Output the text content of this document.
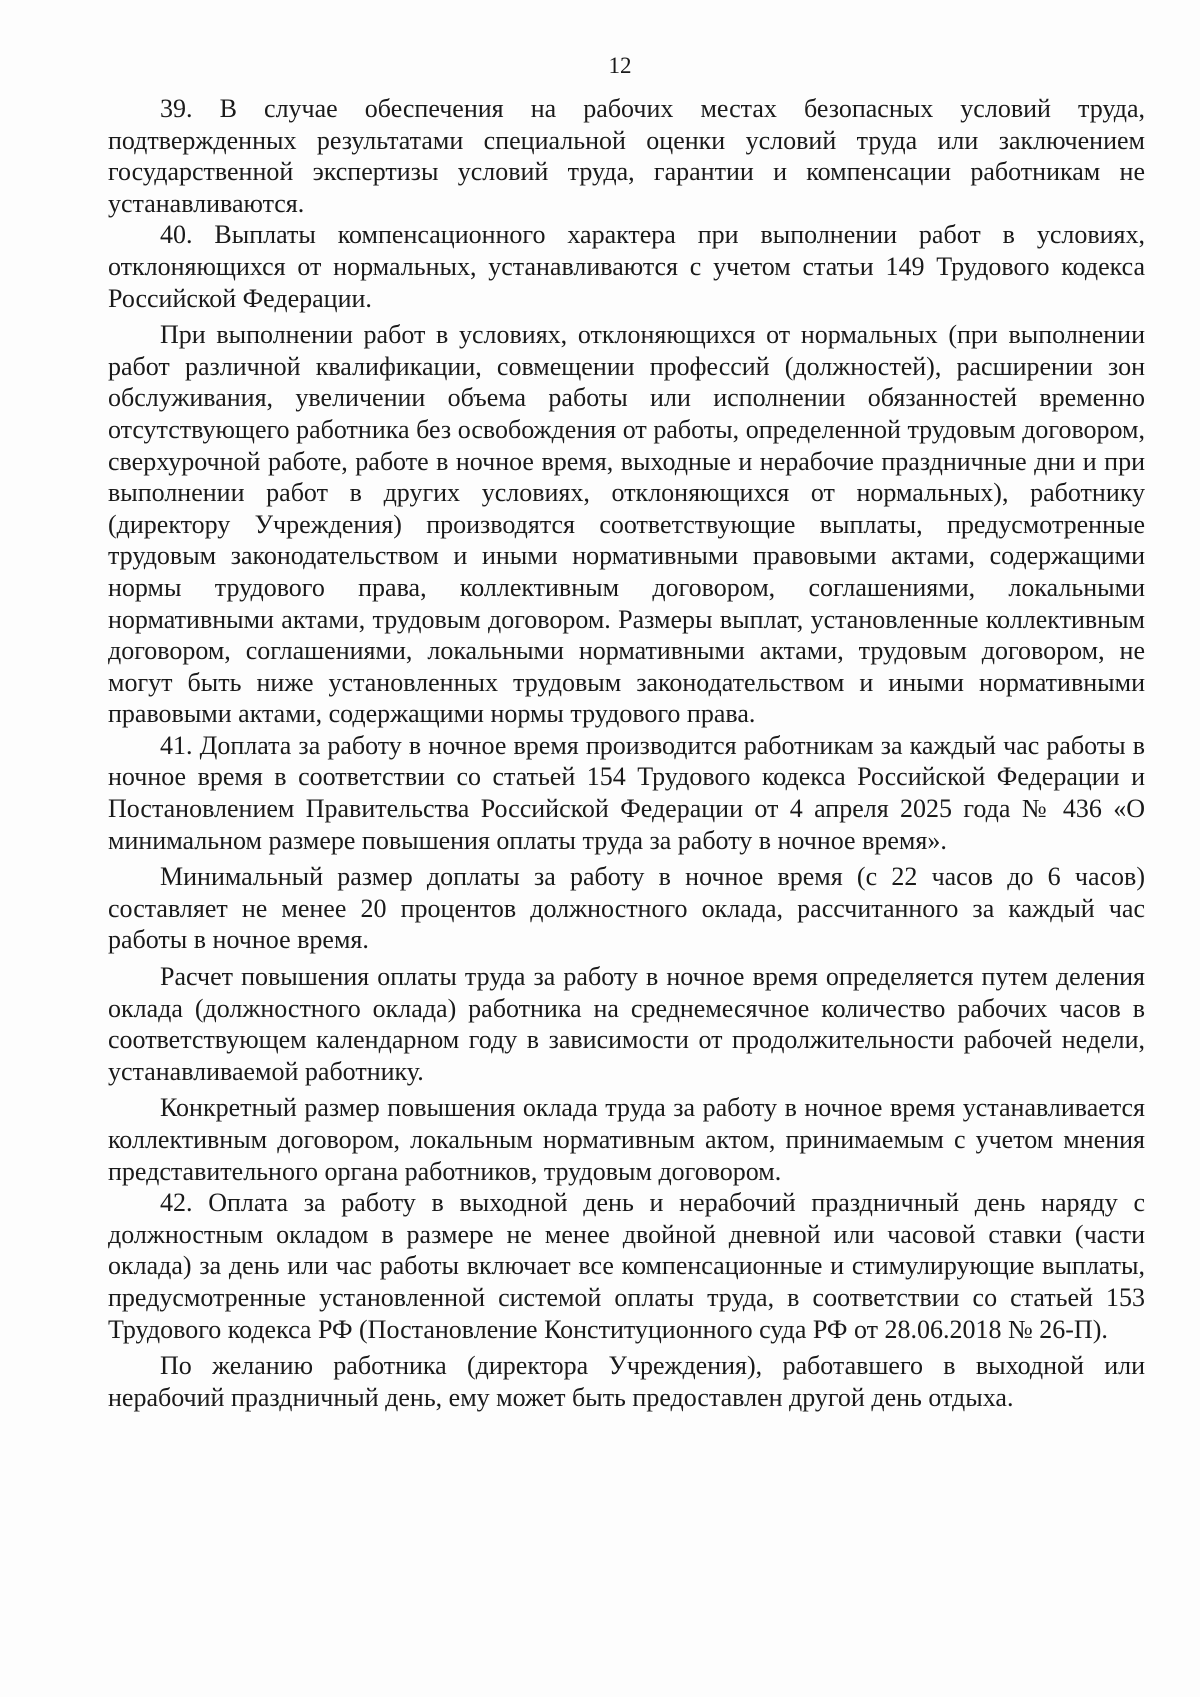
12

39. В случае обеспечения на рабочих местах безопасных условий труда, подтвержденных результатами специальной оценки условий труда или заключением государственной экспертизы условий труда, гарантии и компенсации работникам не устанавливаются.

40. Выплаты компенсационного характера при выполнении работ в условиях, отклоняющихся от нормальных, устанавливаются с учетом статьи 149 Трудового кодекса Российской Федерации.

При выполнении работ в условиях, отклоняющихся от нормальных (при выполнении работ различной квалификации, совмещении профессий (должностей), расширении зон обслуживания, увеличении объема работы или исполнении обязанностей временно отсутствующего работника без освобождения от работы, определенной трудовым договором, сверхурочной работе, работе в ночное время, выходные и нерабочие праздничные дни и при выполнении работ в других условиях, отклоняющихся от нормальных), работнику (директору Учреждения) производятся соответствующие выплаты, предусмотренные трудовым законодательством и иными нормативными правовыми актами, содержащими нормы трудового права, коллективным договором, соглашениями, локальными нормативными актами, трудовым договором. Размеры выплат, установленные коллективным договором, соглашениями, локальными нормативными актами, трудовым договором, не могут быть ниже установленных трудовым законодательством и иными нормативными правовыми актами, содержащими нормы трудового права.

41. Доплата за работу в ночное время производится работникам за каждый час работы в ночное время в соответствии со статьей 154 Трудового кодекса Российской Федерации и Постановлением Правительства Российской Федерации от 4 апреля 2025 года № 436 «О минимальном размере повышения оплаты труда за работу в ночное время».

Минимальный размер доплаты за работу в ночное время (с 22 часов до 6 часов) составляет не менее 20 процентов должностного оклада, рассчитанного за каждый час работы в ночное время.

Расчет повышения оплаты труда за работу в ночное время определяется путем деления оклада (должностного оклада) работника на среднемесячное количество рабочих часов в соответствующем календарном году в зависимости от продолжительности рабочей недели, устанавливаемой работнику.

Конкретный размер повышения оклада труда за работу в ночное время устанавливается коллективным договором, локальным нормативным актом, принимаемым с учетом мнения представительного органа работников, трудовым договором.

42. Оплата за работу в выходной день и нерабочий праздничный день наряду с должностным окладом в размере не менее двойной дневной или часовой ставки (части оклада) за день или час работы включает все компенсационные и стимулирующие выплаты, предусмотренные установленной системой оплаты труда, в соответствии со статьей 153 Трудового кодекса РФ (Постановление Конституционного суда РФ от 28.06.2018 № 26-П).

По желанию работника (директора Учреждения), работавшего в выходной или нерабочий праздничный день, ему может быть предоставлен другой день отдыха.
